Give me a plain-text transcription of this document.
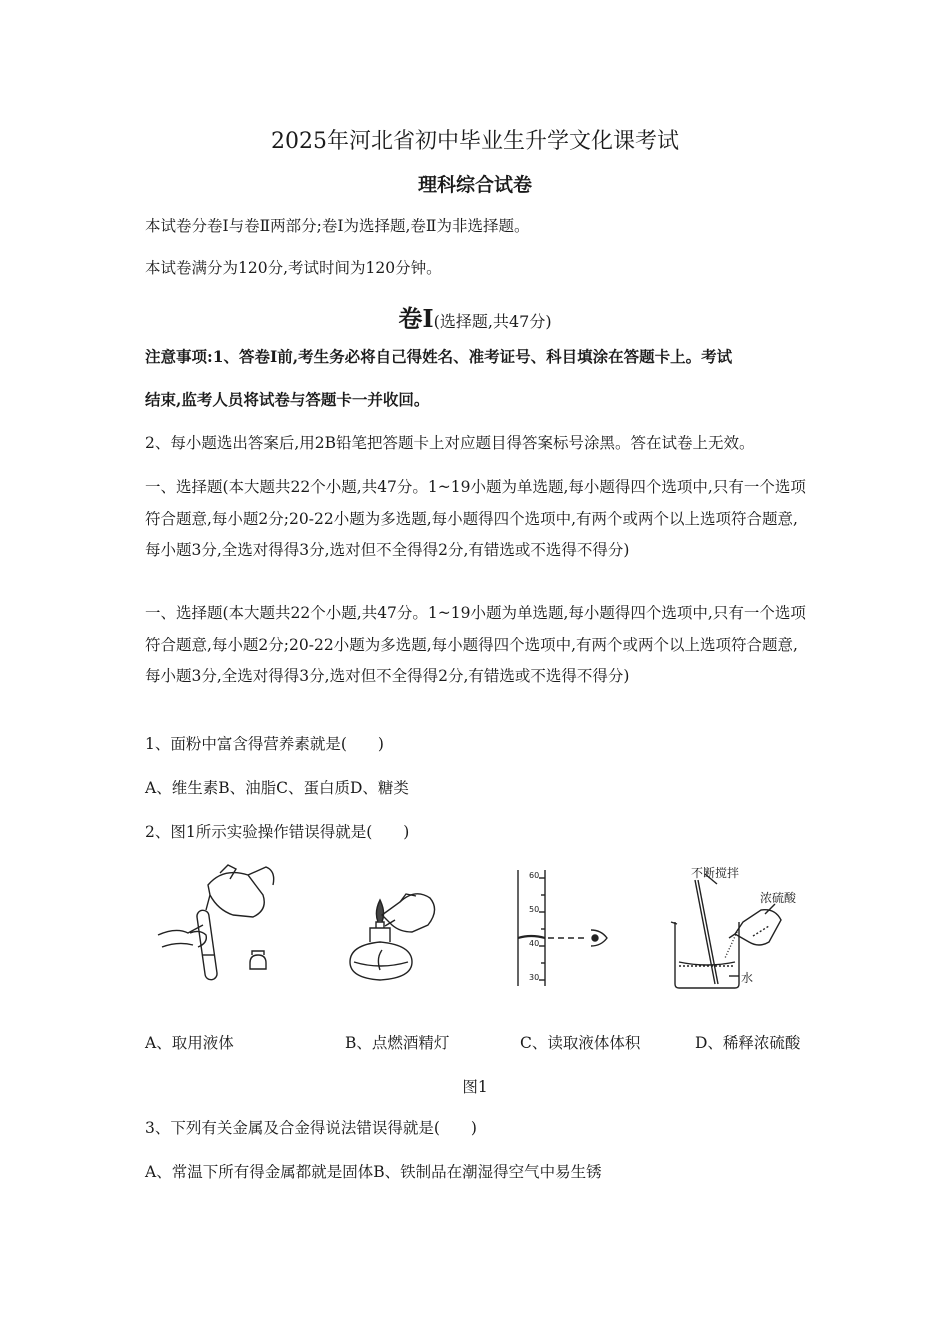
2025年河北省初中毕业生升学文化课考试
理科综合试卷
本试卷分卷Ⅰ与卷Ⅱ两部分;卷Ⅰ为选择题,卷Ⅱ为非选择题。
本试卷满分为120分,考试时间为120分钟。
卷Ⅰ(选择题,共47分)
注意事项:1、答卷Ⅰ前,考生务必将自己得姓名、准考证号、科目填涂在答题卡上。考试
结束,监考人员将试卷与答题卡一并收回。
2、每小题选出答案后,用2B铅笔把答题卡上对应题目得答案标号涂黑。答在试卷上无效。
一、选择题(本大题共22个小题,共47分。1~19小题为单选题,每小题得四个选项中,只有一个选项符合题意,每小题2分;20-22小题为多选题,每小题得四个选项中,有两个或两个以上选项符合题意,每小题3分,全选对得得3分,选对但不全得得2分,有错选或不选得不得分)
一、选择题(本大题共22个小题,共47分。1~19小题为单选题,每小题得四个选项中,只有一个选项符合题意,每小题2分;20-22小题为多选题,每小题得四个选项中,有两个或两个以上选项符合题意,每小题3分,全选对得得3分,选对但不全得得2分,有错选或不选得不得分)
1、面粉中富含得营养素就是(　　)
A、维生素B、油脂C、蛋白质D、糖类
2、图1所示实验操作错误得就是(　　)
60
50
40
30
不断搅拌
浓硫酸
水
A、取用液体	B、点燃酒精灯	C、读取液体体积	D、稀释浓硫酸
图1
3、下列有关金属及合金得说法错误得就是(　　)
A、常温下所有得金属都就是固体B、铁制品在潮湿得空气中易生锈
